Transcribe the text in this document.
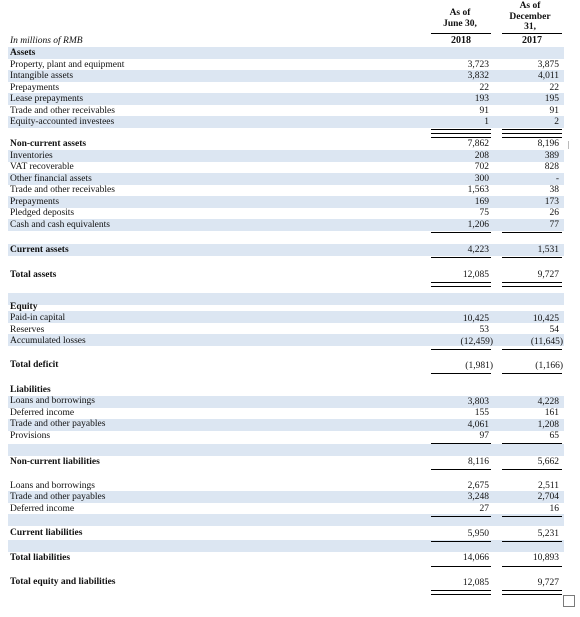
As of
June 30,
As of
December
31,
2018	2017
In millions of RMB
Assets
Property, plant and equipment	3,723	3,875
Intangible assets	3,832	4,011
Prepayments	22	22
Lease prepayments	193	195
Trade and other receivables	91	91
Equity-accounted investees	1	2
Non-current assets	7,862	8,196
Inventories	208	389
VAT recoverable	702	828
Other financial assets	300	-
Trade and other receivables	1,563	38
Prepayments	169	173
Pledged deposits	75	26
Cash and cash equivalents	1,206	77
Current assets	4,223	1,531
Total assets	12,085	9,727
Equity
Paid-in capital	10,425	10,425
Reserves	53	54
Accumulated losses	(12,459)	(11,645)
Total deficit	(1,981)	(1,166)
Liabilities
Loans and borrowings	3,803	4,228
Deferred income	155	161
Trade and other payables	4,061	1,208
Provisions	97	65
Non-current liabilities	8,116	5,662
Loans and borrowings	2,675	2,511
Trade and other payables	3,248	2,704
Deferred income	27	16
Current liabilities	5,950	5,231
Total liabilities	14,066	10,893
Total equity and liabilities	12,085	9,727
